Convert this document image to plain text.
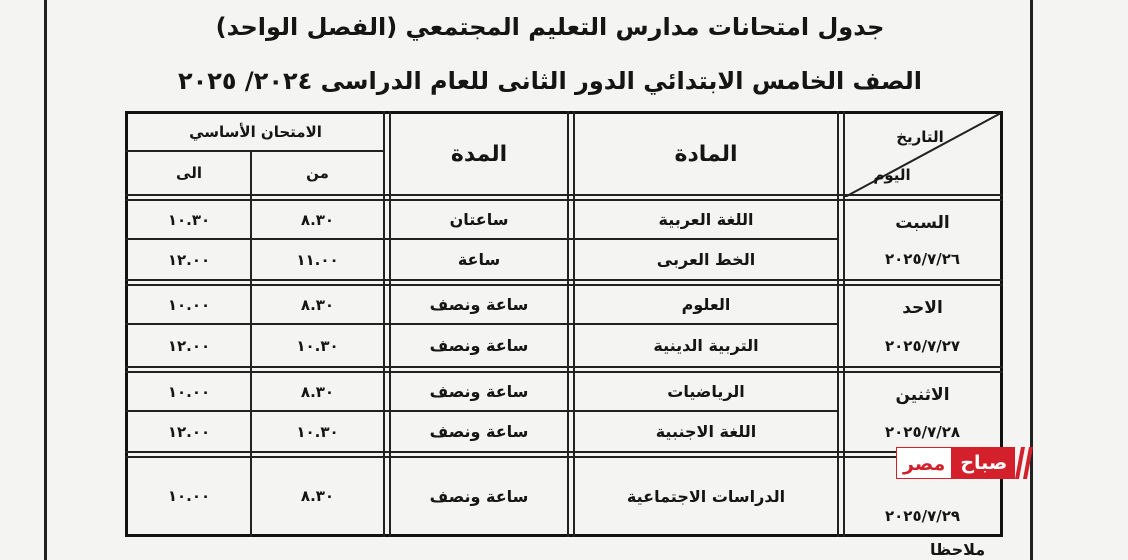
جدول امتحانات مدارس التعليم المجتمعي (الفصل الواحد)
الصف الخامس الابتدائي الدور الثانى للعام الدراسى ٢٠٢٤/ ٢٠٢٥
التاريخ
اليوم
المادة
المدة
الامتحان الأساسي
من
الى
السبت
٢٠٢٥/٧/٢٦
اللغة العربية
ساعتان
٨.٣٠
١٠.٣٠
الخط العربى
ساعة
١١.٠٠
١٢.٠٠
الاحد
٢٠٢٥/٧/٢٧
العلوم
ساعة ونصف
٨.٣٠
١٠.٠٠
التربية الدينية
ساعة ونصف
١٠.٣٠
١٢.٠٠
الاثنين
٢٠٢٥/٧/٢٨
الرياضيات
ساعة ونصف
٨.٣٠
١٠.٠٠
اللغة الاجنبية
ساعة ونصف
١٠.٣٠
١٢.٠٠
٢٠٢٥/٧/٢٩
الدراسات الاجتماعية
ساعة ونصف
٨.٣٠
١٠.٠٠
مصر صباح
ملاحظا
